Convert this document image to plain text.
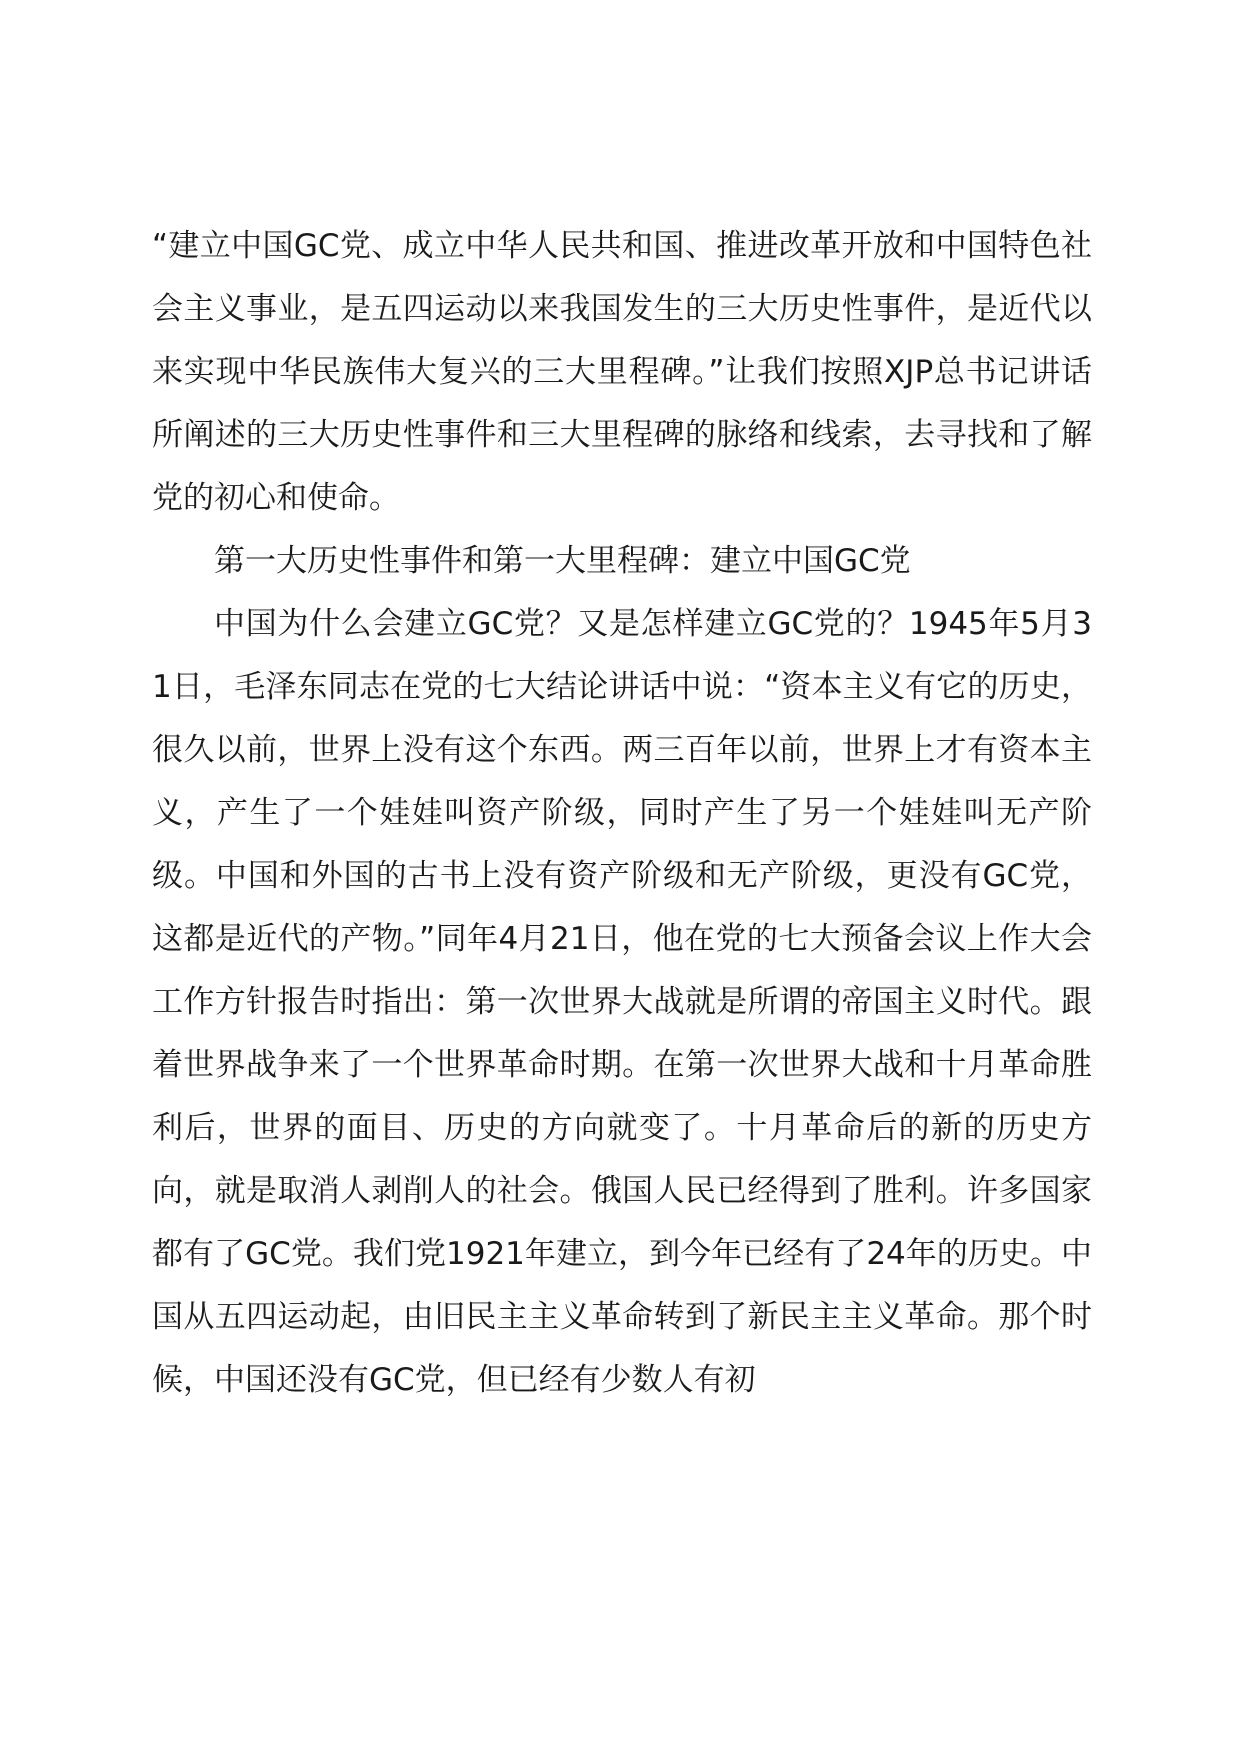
“建立中国GC党、成立中华人民共和国、推进改革开放和中国特色社会主义事业，是五四运动以来我国发生的三大历史性事件，是近代以来实现中华民族伟大复兴的三大里程碑。”让我们按照XJP总书记讲话所阐述的三大历史性事件和三大里程碑的脉络和线索，去寻找和了解党的初心和使命。

第一大历史性事件和第一大里程碑：建立中国GC党

中国为什么会建立GC党？又是怎样建立GC党的？1945年5月31日，毛泽东同志在党的七大结论讲话中说：“资本主义有它的历史，很久以前，世界上没有这个东西。两三百年以前，世界上才有资本主义，产生了一个娃娃叫资产阶级，同时产生了另一个娃娃叫无产阶级。中国和外国的古书上没有资产阶级和无产阶级，更没有GC党，这都是近代的产物。”同年4月21日，他在党的七大预备会议上作大会工作方针报告时指出：第一次世界大战就是所谓的帝国主义时代。跟着世界战争来了一个世界革命时期。在第一次世界大战和十月革命胜利后，世界的面目、历史的方向就变了。十月革命后的新的历史方向，就是取消人剥削人的社会。俄国人民已经得到了胜利。许多国家都有了GC党。我们党1921年建立，到今年已经有了24年的历史。中国从五四运动起，由旧民主主义革命转到了新民主主义革命。那个时候，中国还没有GC党，但已经有少数人有初
